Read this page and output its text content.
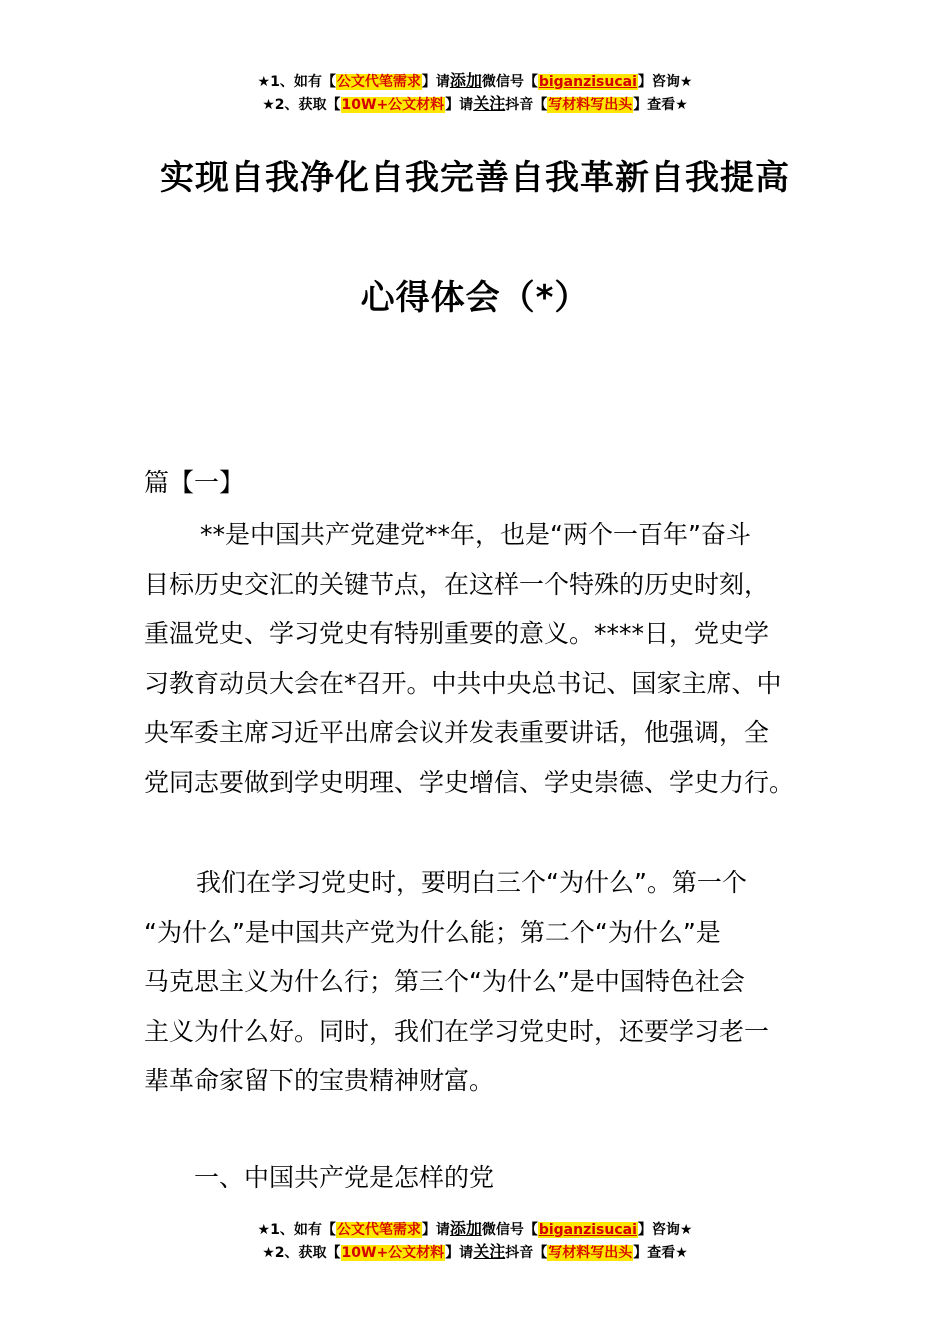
★1、如有【公文代笔需求】请添加微信号【biganzisucai】咨询★
★2、获取【10W+公文材料】请关注抖音【写材料写出头】查看★
实现自我净化自我完善自我革新自我提高
心得体会（*）
篇【一】
**是中国共产党建党**年，也是“两个一百年”奋斗
目标历史交汇的关键节点，在这样一个特殊的历史时刻，
重温党史、学习党史有特别重要的意义。****日，党史学
习教育动员大会在*召开。中共中央总书记、国家主席、中
央军委主席习近平出席会议并发表重要讲话，他强调，全
党同志要做到学史明理、学史增信、学史崇德、学史力行。
我们在学习党史时，要明白三个“为什么”。第一个
“为什么”是中国共产党为什么能；第二个“为什么”是
马克思主义为什么行；第三个“为什么”是中国特色社会
主义为什么好。同时，我们在学习党史时，还要学习老一
辈革命家留下的宝贵精神财富。
一、中国共产党是怎样的党
★1、如有【公文代笔需求】请添加微信号【biganzisucai】咨询★
★2、获取【10W+公文材料】请关注抖音【写材料写出头】查看★
